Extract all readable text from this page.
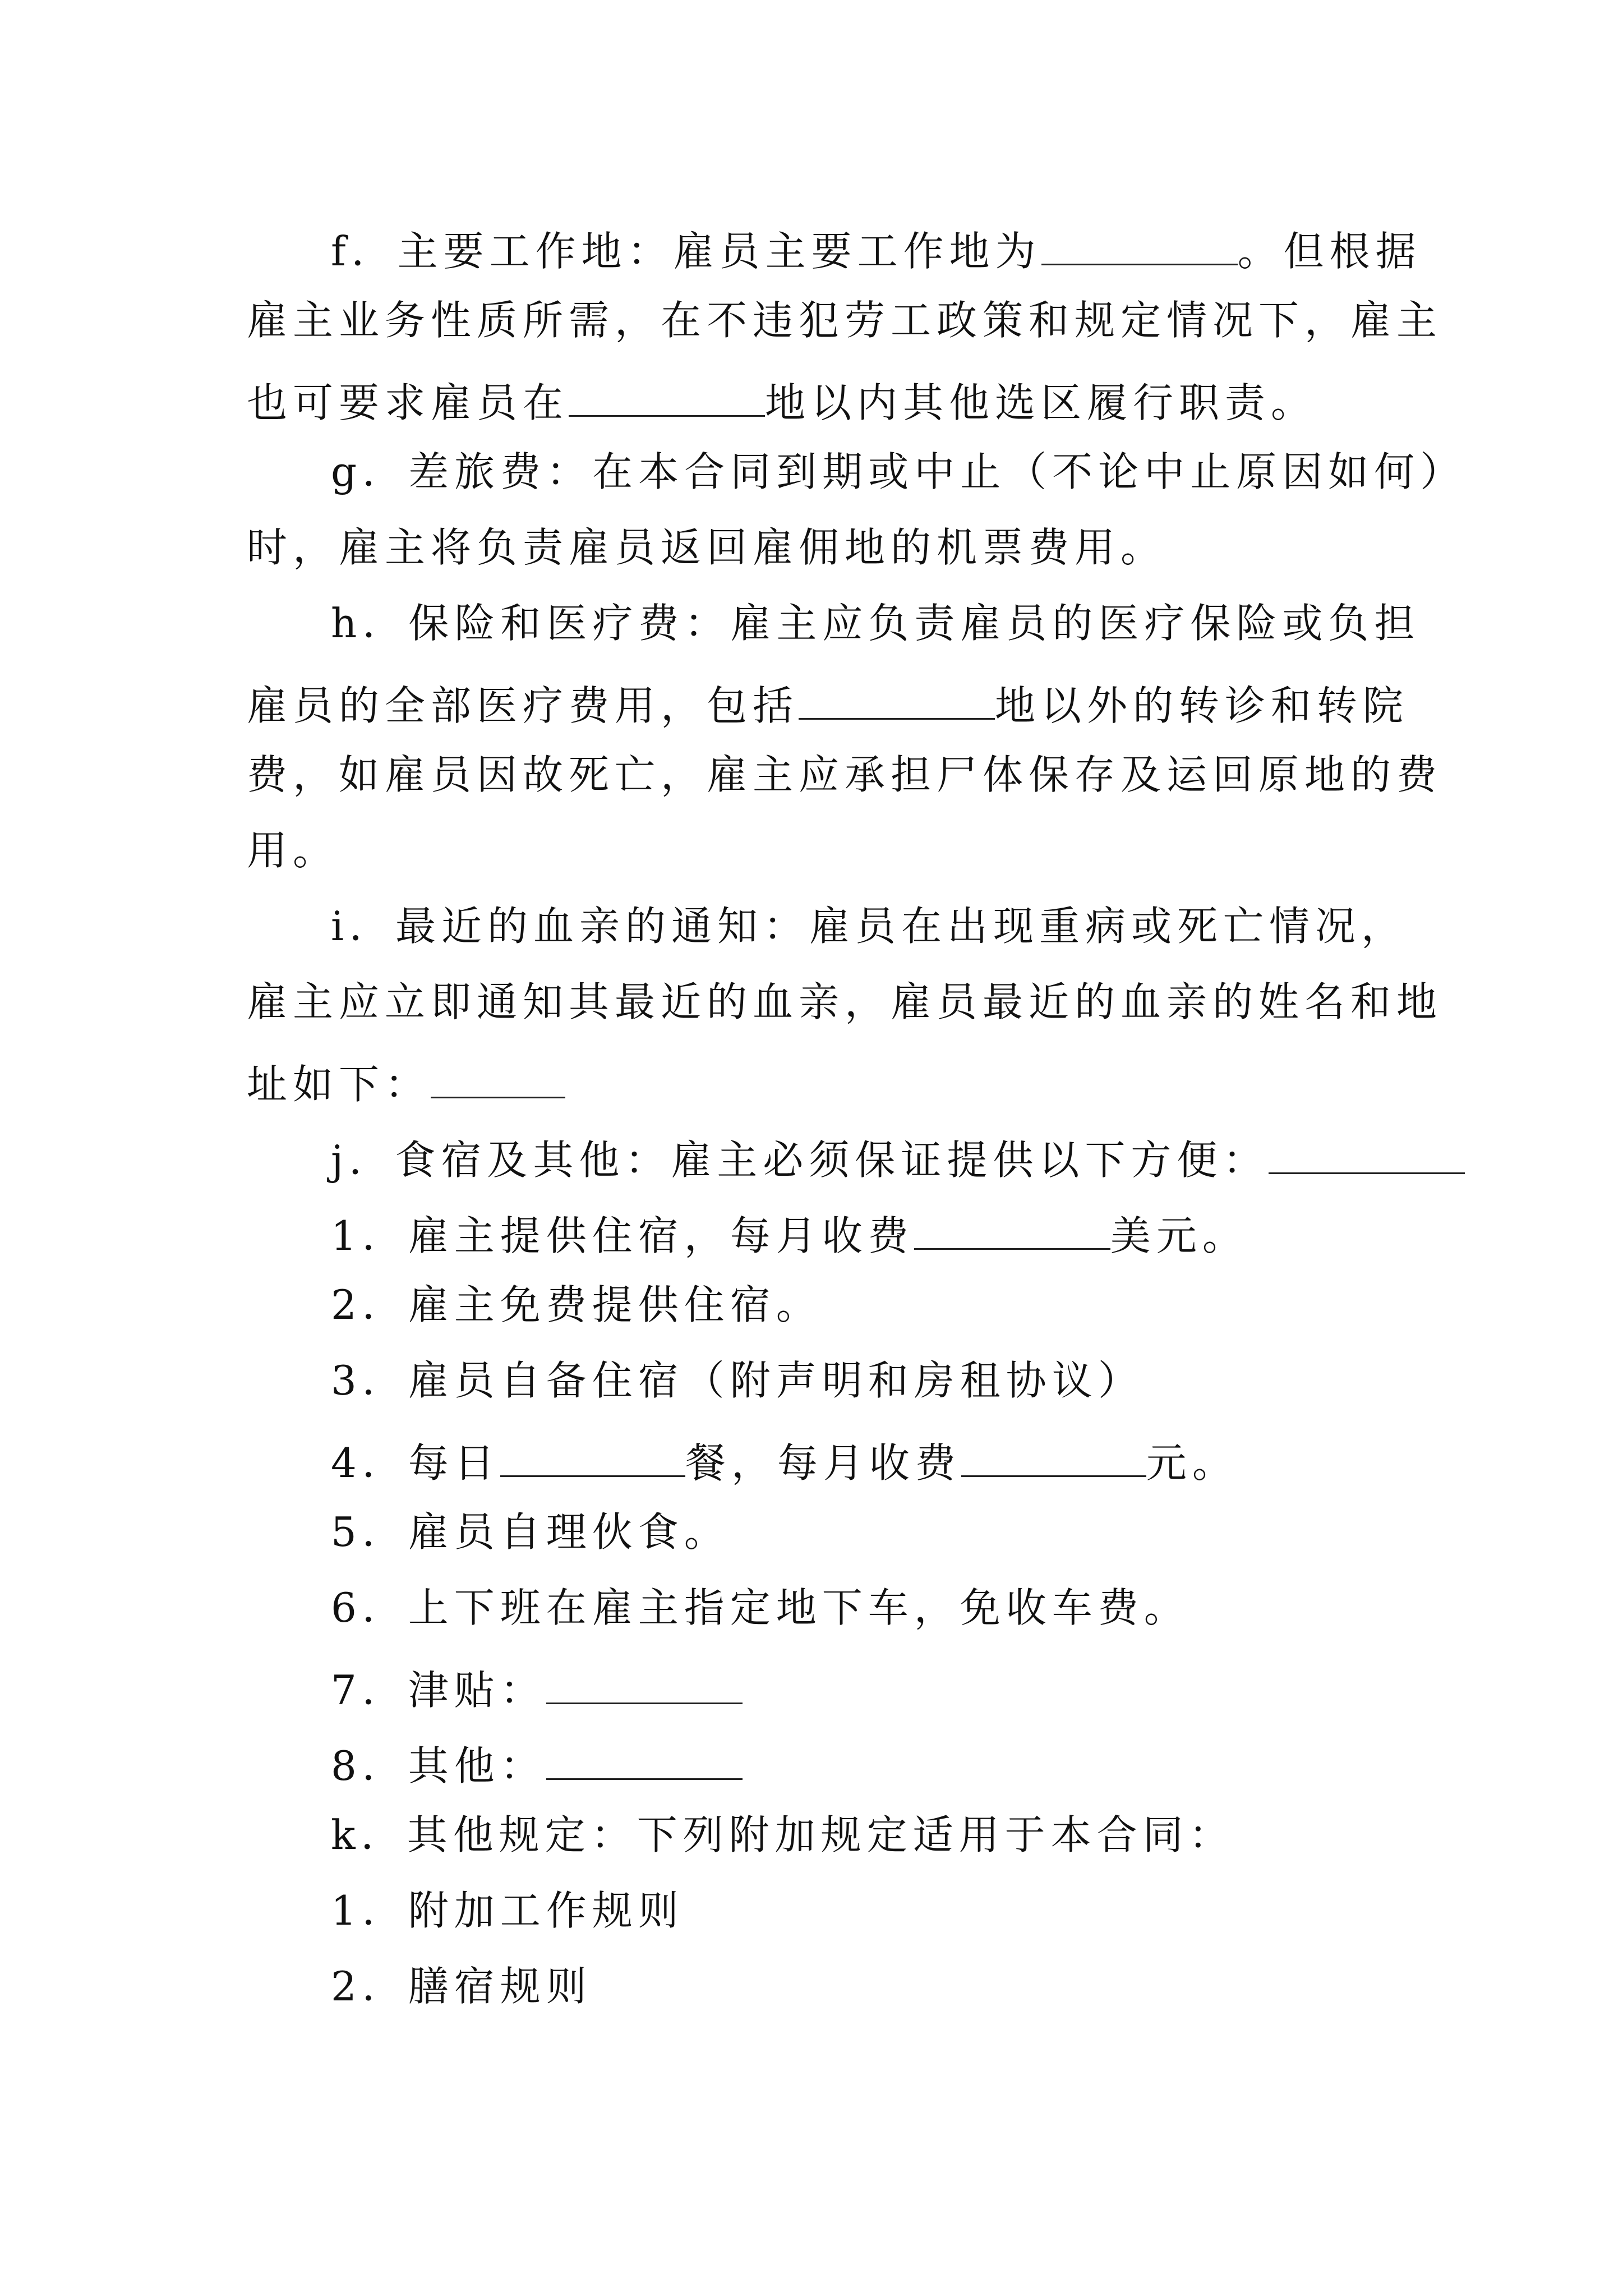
f．主要工作地：雇员主要工作地为	。但根据
雇主业务性质所需，在不违犯劳工政策和规定情况下，雇主
也可要求雇员在	地以内其他选区履行职责。
g．差旅费：在本合同到期或中止（不论中止原因如何）
时，雇主将负责雇员返回雇佣地的机票费用。
h．保险和医疗费：雇主应负责雇员的医疗保险或负担
雇员的全部医疗费用，包括	地以外的转诊和转院
费，如雇员因故死亡，雇主应承担尸体保存及运回原地的费
用。
i．最近的血亲的通知：雇员在出现重病或死亡情况，
雇主应立即通知其最近的血亲，雇员最近的血亲的姓名和地
址如下：
j．食宿及其他：雇主必须保证提供以下方便：
1．雇主提供住宿，每月收费	美元。
2．雇主免费提供住宿。
3．雇员自备住宿（附声明和房租协议）
4．每日	餐，每月收费	元。
5．雇员自理伙食。
6．上下班在雇主指定地下车，免收车费。
7．津贴：
8．其他：
k．其他规定：下列附加规定适用于本合同：
1．附加工作规则
2．膳宿规则
